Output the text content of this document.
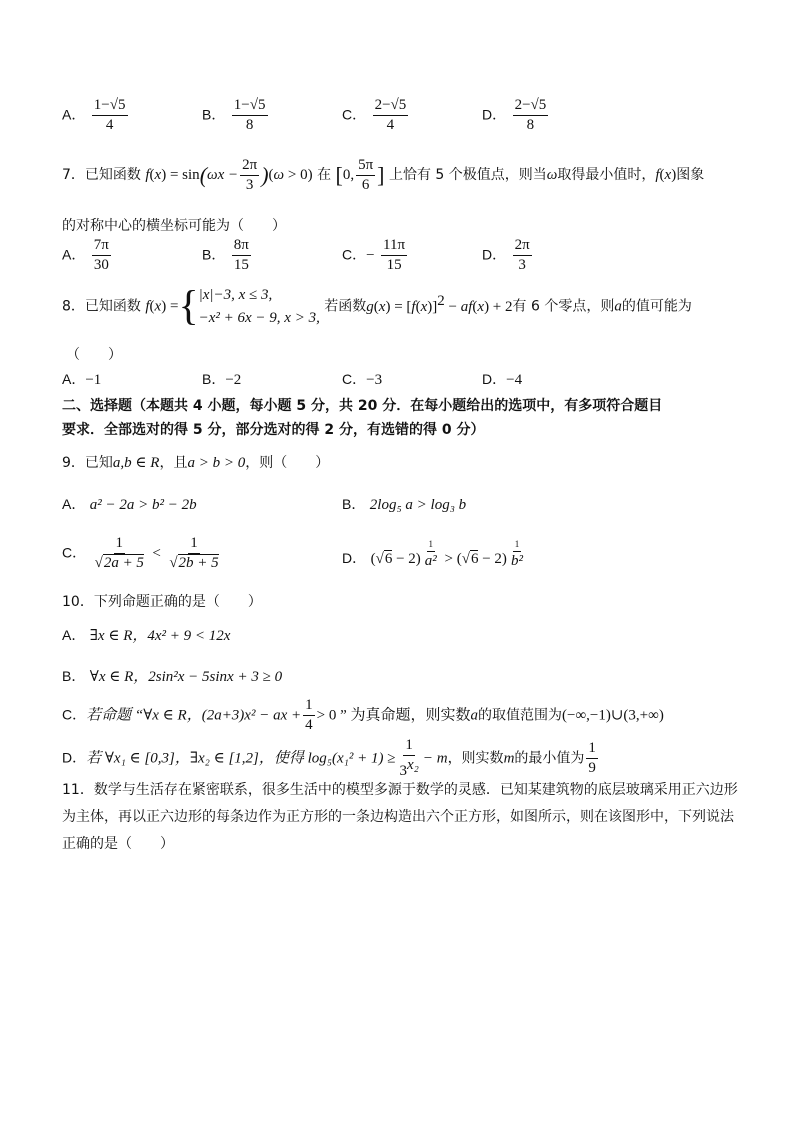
A． $\frac{1-√5}{4}$	B． $\frac{1-√5}{8}$	C． $\frac{2-√5}{4}$	D． $\frac{2-√5}{8}$
7．已知函数 $f(x) = \sin(\omega x - \frac{2\pi}{3} )(\omega > 0)$ 在 [0, $\frac{5\pi}{6}$ ] 上恰有 5 个极值点，则当ω取得最小值时，f(x)图象
的对称中心的横坐标可能为（　　）
A． $\frac{7\pi}{30}$	B． $\frac{8\pi}{15}$	C．− $\frac{11\pi}{15}$	D． $\frac{2\pi}{3}$
8．已知函数 f(x) ={ |x|−3, x ≤ 3,
−x² + 6x − 9, x > 3,
若函数$g(x) = [f(x)]^2 - af(x) + 2$有 6 个零点，则a的值可能为
（　　）
A．−1	B．−2	C．−3	D．−4
二、选择题（本题共 4 小题，每小题 5 分，共 20 分．在每小题给出的选项中，有多项符合题目
要求．全部选对的得 5 分，部分选对的得 2 分，有选错的得 0 分）
9．已知a,b ∈ R，且a > b > 0，则（　　）
A． a² − 2a > b² − 2b	B． 2log₅ a > log₃ b
C． $\frac{1}{√2a + 5} < \frac{1}{√2b + 5}$	D． (√6 − 2) $^{\frac{1}{\text{a²}}}$ > (√6 − 2) $^{\frac{1}{\text{b²}}}$
10．下列命题正确的是（　　）
A． ∃x ∈ R，4x² + 9 < 12x
B． ∀x ∈ R，2sin²x − 5sinx + 3 ≥ 0
C．若命题 “∀x ∈ R，(2a+3)x² − ax + $\frac{1}{4} > 0$ ” 为真命题，则实数a的取值范围为(−∞,−1)∪(3,+∞)
D．若 ∀x₁ ∈ [0,3]，∃x₂ ∈ [1,2]，使得 $\log_5(x_1^2 + 1) \ge \frac{1}{3^{x_2}} - m$，则实数m的最小值为 $\frac{1}{9}$
11．数学与生活存在紧密联系，很多生活中的模型多源于数学的灵感．已知某建筑物的底层玻璃采用正六边形
为主体，再以正六边形的每条边作为正方形的一条边构造出六个正方形，如图所示，则在该图形中，下列说法
正确的是（　　）
